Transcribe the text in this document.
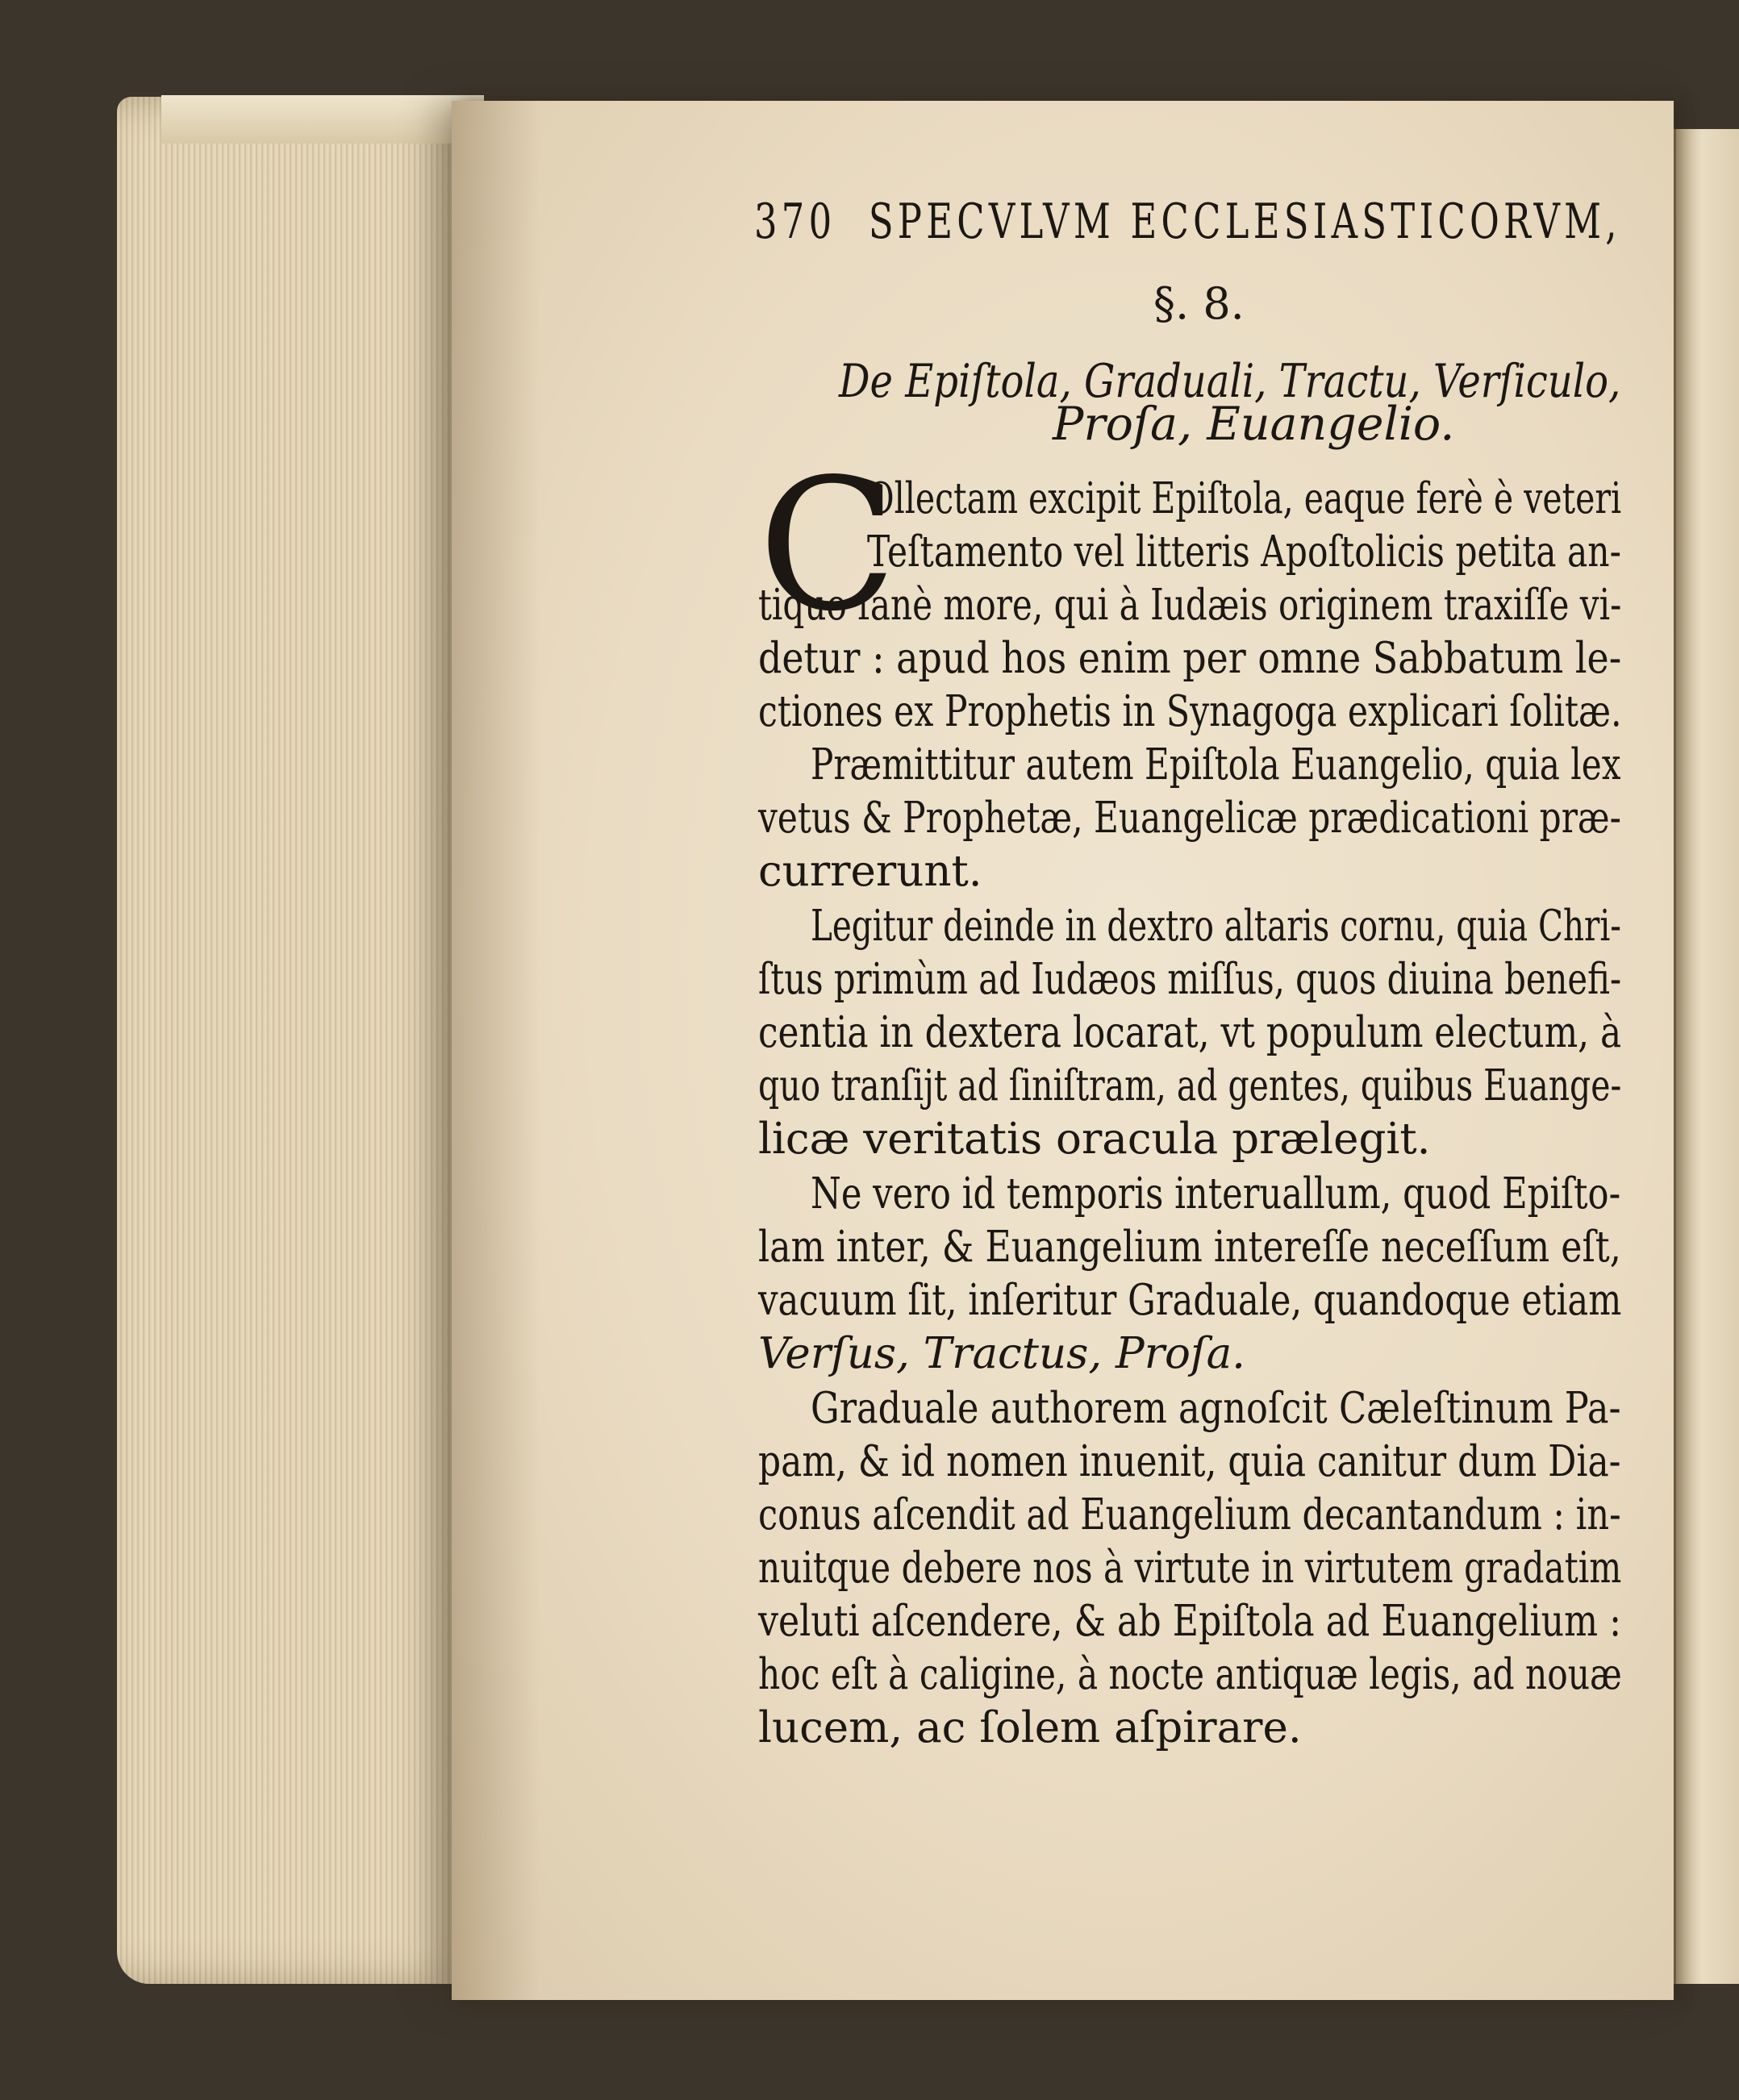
370 SPECVLVM ECCLESIASTICORVM,
§. 8.
De Epiſtola, Graduali, Tractu, Verſiculo,
Proſa, Euangelio.
C
Ollectam excipit Epiſtola, eaque ferè è veteri
Teſtamento vel litteris Apoſtolicis petita an-
tiquo ſanè more, qui à Iudæis originem traxiſſe vi-
detur : apud hos enim per omne Sabbatum le-
ctiones ex Prophetis in Synagoga explicari ſolitæ.
Præmittitur autem Epiſtola Euangelio, quia lex
vetus & Prophetæ, Euangelicæ prædicationi præ-
currerunt.
Legitur deinde in dextro altaris cornu, quia Chri-
ſtus primùm ad Iudæos miſſus, quos diuina benefi-
centia in dextera locarat, vt populum electum, à
quo tranſijt ad ſiniſtram, ad gentes, quibus Euange-
licæ veritatis oracula prælegit.
Ne vero id temporis interuallum, quod Epiſto-
lam inter, & Euangelium intereſſe neceſſum eſt,
vacuum ſit, inſeritur Graduale, quandoque etiam
Verſus, Tractus, Proſa.
Graduale authorem agnoſcit Cæleſtinum Pa-
pam, & id nomen inuenit, quia canitur dum Dia-
conus aſcendit ad Euangelium decantandum : in-
nuitque debere nos à virtute in virtutem gradatim
veluti aſcendere, & ab Epiſtola ad Euangelium :
hoc eſt à caligine, à nocte antiquæ legis, ad nouæ
lucem, ac ſolem aſpirare.
